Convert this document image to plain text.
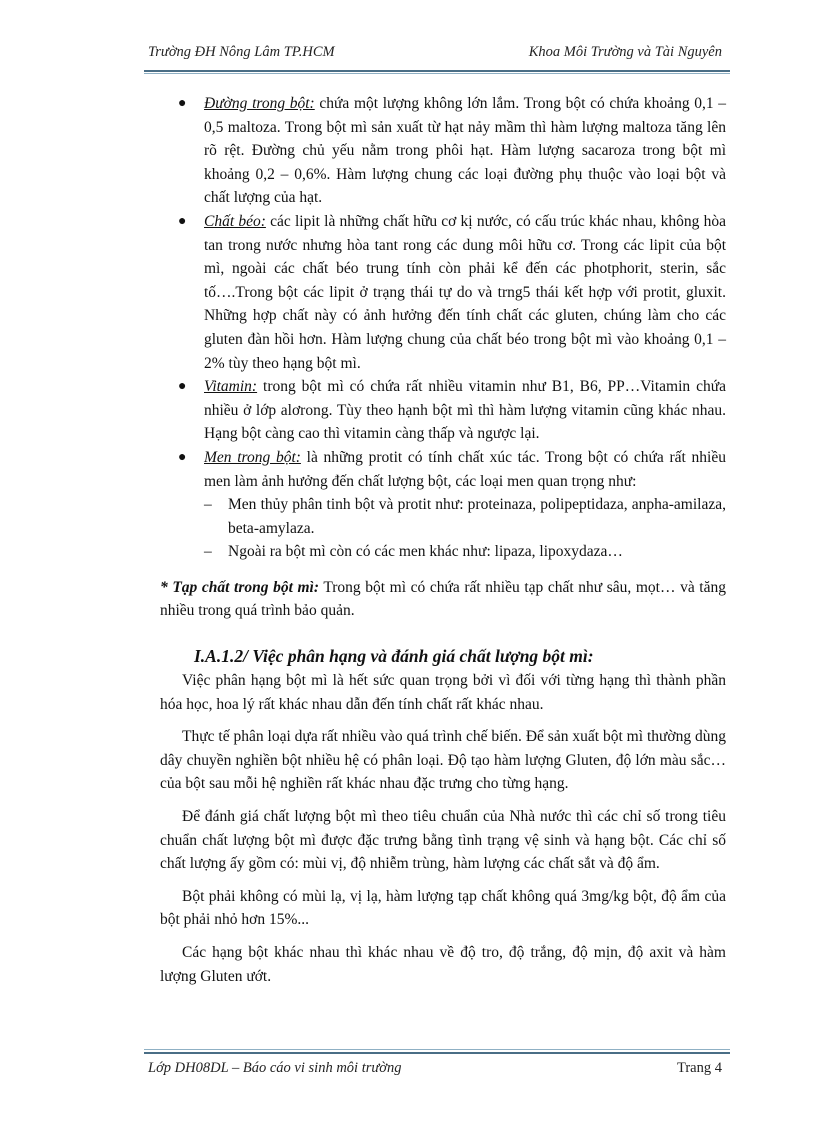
Trường ĐH Nông Lâm TP.HCM	Khoa Môi Trường và Tài Nguyên
● Đường trong bột: chứa một lượng không lớn lắm. Trong bột có chứa khoảng 0,1 – 0,5 maltoza. Trong bột mì sản xuất từ hạt nảy mầm thì hàm lượng maltoza tăng lên rõ rệt. Đường chủ yếu nằm trong phôi hạt. Hàm lượng sacaroza trong bột mì khoảng 0,2 – 0,6%. Hàm lượng chung các loại đường phụ thuộc vào loại bột và chất lượng của hạt.
● Chất béo: các lipit là những chất hữu cơ kị nước, có cấu trúc khác nhau, không hòa tan trong nước nhưng hòa tant rong các dung môi hữu cơ. Trong các lipit của bột mì, ngoài các chất béo trung tính còn phải kể đến các photphorit, sterin, sắc tố….Trong bột các lipit ở trạng thái tự do và trng5 thái kết hợp với protit, gluxit. Những hợp chất này có ảnh hưởng đến tính chất các gluten, chúng làm cho các gluten đàn hồi hơn. Hàm lượng chung của chất béo trong bột mì vào khoảng 0,1 – 2% tùy theo hạng bột mì.
● Vitamin: trong bột mì có chứa rất nhiều vitamin như B1, B6, PP…Vitamin chứa nhiều ở lớp alơrong. Tùy theo hạnh bột mì thì hàm lượng vitamin cũng khác nhau. Hạng bột càng cao thì vitamin càng thấp và ngược lại.
● Men trong bột: là những protit có tính chất xúc tác. Trong bột có chứa rất nhiều men làm ảnh hưởng đến chất lượng bột, các loại men quan trọng như:
– Men thủy phân tinh bột và protit như: proteinaza, polipeptidaza, anpha-amilaza, beta-amylaza.
– Ngoài ra bột mì còn có các men khác như: lipaza, lipoxydaza…
* Tạp chất trong bột mì: Trong bột mì có chứa rất nhiều tạp chất như sâu, mọt… và tăng nhiều trong quá trình bảo quản.
I.A.1.2/ Việc phân hạng và đánh giá chất lượng bột mì:

Việc phân hạng bột mì là hết sức quan trọng bởi vì đối với từng hạng thì thành phần hóa học, hoa lý rất khác nhau dẫn đến tính chất rất khác nhau.

Thực tế phân loại dựa rất nhiều vào quá trình chế biến. Để sản xuất bột mì thường dùng dây chuyền nghiền bột nhiều hệ có phân loại. Độ tạo hàm lượng Gluten, độ lớn màu sắc… của bột sau mỗi hệ nghiền rất khác nhau đặc trưng cho từng hạng.

Để đánh giá chất lượng bột mì theo tiêu chuẩn của Nhà nước thì các chỉ số trong tiêu chuẩn chất lượng bột mì được đặc trưng bằng tình trạng vệ sinh và hạng bột. Các chỉ số chất lượng ấy gồm có: mùi vị, độ nhiễm trùng, hàm lượng các chất sắt và độ ẩm.

Bột phải không có mùi lạ, vị lạ, hàm lượng tạp chất không quá 3mg/kg bột, độ ẩm của bột phải nhỏ hơn 15%...

Các hạng bột khác nhau thì khác nhau về độ tro, độ trắng, độ mịn, độ axit và hàm lượng Gluten ướt.

Lớp DH08DL – Báo cáo vi sinh môi trường	Trang 4
